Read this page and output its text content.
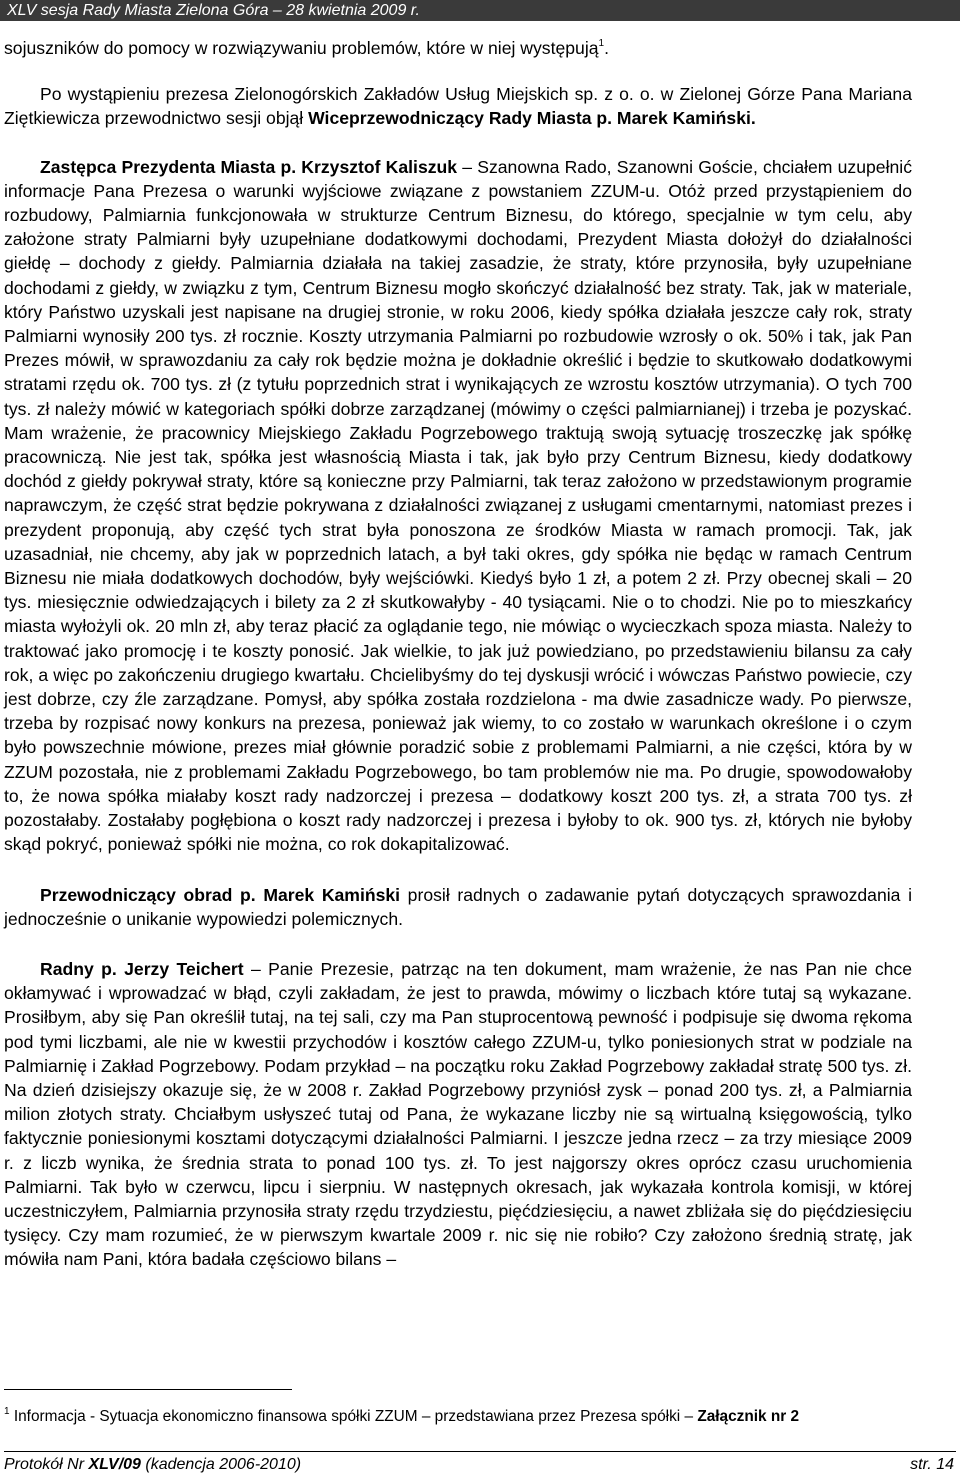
XLV sesja Rady Miasta Zielona Góra – 28 kwietnia 2009 r.

sojuszników do pomocy w rozwiązywaniu problemów, które w niej występują$^1$.

Po wystąpieniu prezesa Zielonogórskich Zakładów Usług Miejskich sp. z o. o. w Zielonej Górze Pana Mariana Ziętkiewicza przewodnictwo sesji objął Wiceprzewodniczący Rady Miasta p. Marek Kamiński.

Zastępca Prezydenta Miasta p. Krzysztof Kaliszuk – Szanowna Rado, Szanowni Goście, chciałem uzupełnić informacje Pana Prezesa o warunki wyjściowe związane z powstaniem ZZUM-u. Otóż przed przystąpieniem do rozbudowy, Palmiarnia funkcjonowała w strukturze Centrum Biznesu, do którego, specjalnie w tym celu, aby założone straty Palmiarni były uzupełniane dodatkowymi dochodami, Prezydent Miasta dołożył do działalności giełdę – dochody z giełdy. Palmiarnia działała na takiej zasadzie, że straty, które przynosiła, były uzupełniane dochodami z giełdy, w związku z tym, Centrum Biznesu mogło skończyć działalność bez straty. Tak, jak w materiale, który Państwo uzyskali jest napisane na drugiej stronie, w roku 2006, kiedy spółka działała jeszcze cały rok, straty Palmiarni wynosiły 200 tys. zł rocznie. Koszty utrzymania Palmiarni po rozbudowie wzrosły o ok. 50% i tak, jak Pan Prezes mówił, w sprawozdaniu za cały rok będzie można je dokładnie określić i będzie to skutkowało dodatkowymi stratami rzędu ok. 700 tys. zł (z tytułu poprzednich strat i wynikających ze wzrostu kosztów utrzymania). O tych 700 tys. zł należy mówić w kategoriach spółki dobrze zarządzanej (mówimy o części palmiarnianej) i trzeba je pozyskać. Mam wrażenie, że pracownicy Miejskiego Zakładu Pogrzebowego traktują swoją sytuację troszeczkę jak spółkę pracowniczą. Nie jest tak, spółka jest własnością Miasta i tak, jak było przy Centrum Biznesu, kiedy dodatkowy dochód z giełdy pokrywał straty, które są konieczne przy Palmiarni, tak teraz założono w przedstawionym programie naprawczym, że część strat będzie pokrywana z działalności związanej z usługami cmentarnymi, natomiast prezes i prezydent proponują, aby część tych strat była ponoszona ze środków Miasta w ramach promocji. Tak, jak uzasadniał, nie chcemy, aby jak w poprzednich latach, a był taki okres, gdy spółka nie będąc w ramach Centrum Biznesu nie miała dodatkowych dochodów, były wejściówki. Kiedyś było 1 zł, a potem 2 zł. Przy obecnej skali – 20 tys. miesięcznie odwiedzających i bilety za 2 zł skutkowałyby - 40 tysiącami. Nie o to chodzi. Nie po to mieszkańcy miasta wyłożyli ok. 20 mln zł, aby teraz płacić za oglądanie tego, nie mówiąc o wycieczkach spoza miasta. Należy to traktować jako promocję i te koszty ponosić. Jak wielkie, to jak już powiedziano, po przedstawieniu bilansu za cały rok, a więc po zakończeniu drugiego kwartału. Chcielibyśmy do tej dyskusji wrócić i wówczas Państwo powiecie, czy jest dobrze, czy źle zarządzane. Pomysł, aby spółka została rozdzielona - ma dwie zasadnicze wady. Po pierwsze, trzeba by rozpisać nowy konkurs na prezesa, ponieważ jak wiemy, to co zostało w warunkach określone i o czym było powszechnie mówione, prezes miał głównie poradzić sobie z problemami Palmiarni, a nie części, która by w ZZUM pozostała, nie z problemami Zakładu Pogrzebowego, bo tam problemów nie ma. Po drugie, spowodowałoby to, że nowa spółka miałaby koszt rady nadzorczej i prezesa – dodatkowy koszt 200 tys. zł, a strata 700 tys. zł pozostałaby. Zostałaby pogłębiona o koszt rady nadzorczej i prezesa i byłoby to ok. 900 tys. zł, których nie byłoby skąd pokryć, ponieważ spółki nie można, co rok dokapitalizować.

Przewodniczący obrad p. Marek Kamiński prosił radnych o zadawanie pytań dotyczących sprawozdania i jednocześnie o unikanie wypowiedzi polemicznych.

Radny p. Jerzy Teichert – Panie Prezesie, patrząc na ten dokument, mam wrażenie, że nas Pan nie chce okłamywać i wprowadzać w błąd, czyli zakładam, że jest to prawda, mówimy o liczbach które tutaj są wykazane. Prosiłbym, aby się Pan określił tutaj, na tej sali, czy ma Pan stuprocentową pewność i podpisuje się dwoma rękoma pod tymi liczbami, ale nie w kwestii przychodów i kosztów całego ZZUM-u, tylko poniesionych strat w podziale na Palmiarnię i Zakład Pogrzebowy. Podam przykład – na początku roku Zakład Pogrzebowy zakładał stratę 500 tys. zł. Na dzień dzisiejszy okazuje się, że w 2008 r. Zakład Pogrzebowy przyniósł zysk – ponad 200 tys. zł, a Palmiarnia milion złotych straty. Chciałbym usłyszeć tutaj od Pana, że wykazane liczby nie są wirtualną księgowością, tylko faktycznie poniesionymi kosztami dotyczącymi działalności Palmiarni. I jeszcze jedna rzecz – za trzy miesiące 2009 r. z liczb wynika, że średnia strata to ponad 100 tys. zł. To jest najgorszy okres oprócz czasu uruchomienia Palmiarni. Tak było w czerwcu, lipcu i sierpniu. W następnych okresach, jak wykazała kontrola komisji, w której uczestniczyłem, Palmiarnia przynosiła straty rzędu trzydziestu, pięćdziesięciu, a nawet zbliżała się do pięćdziesięciu tysięcy. Czy mam rozumieć, że w pierwszym kwartale 2009 r. nic się nie robiło? Czy założono średnią stratę, jak mówiła nam Pani, która badała częściowo bilans –

$^1$ Informacja - Sytuacja ekonomiczno finansowa spółki ZZUM – przedstawiana przez Prezesa spółki – Załącznik nr 2
Protokół Nr XLV/09 (kadencja 2006-2010)	str. 14
